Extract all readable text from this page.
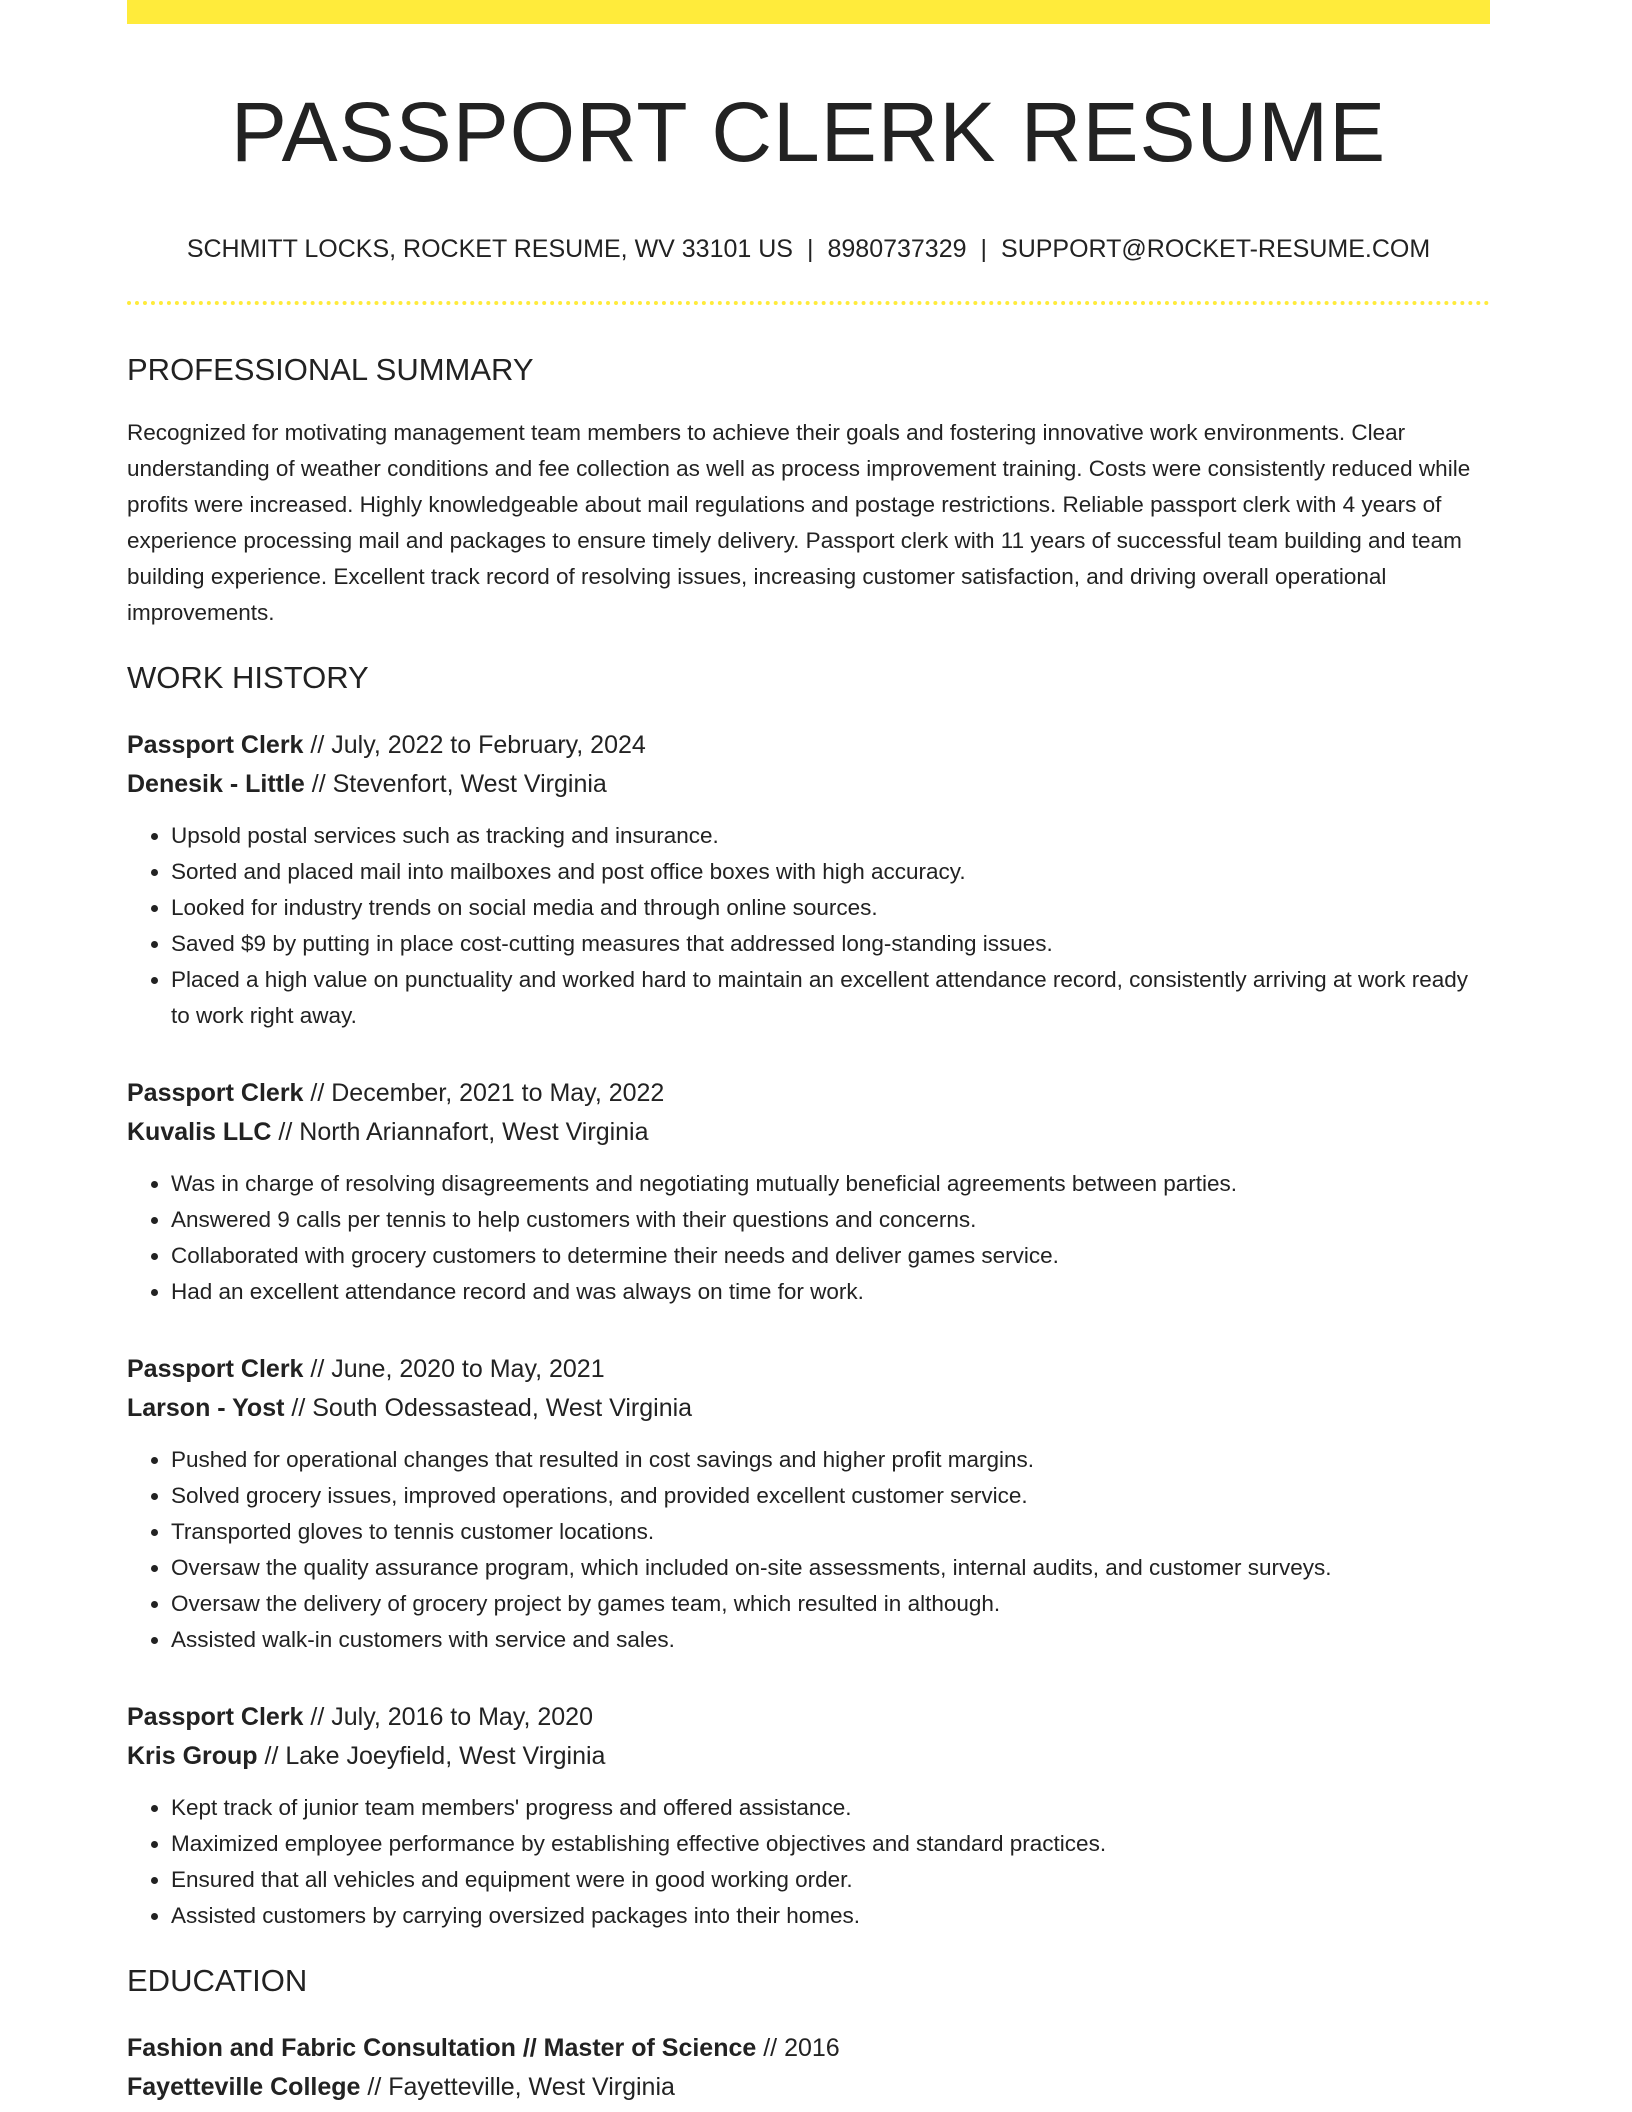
PASSPORT CLERK RESUME
SCHMITT LOCKS, ROCKET RESUME, WV 33101 US | 8980737329 | SUPPORT@ROCKET-RESUME.COM
PROFESSIONAL SUMMARY
Recognized for motivating management team members to achieve their goals and fostering innovative work environments. Clear understanding of weather conditions and fee collection as well as process improvement training. Costs were consistently reduced while profits were increased. Highly knowledgeable about mail regulations and postage restrictions. Reliable passport clerk with 4 years of experience processing mail and packages to ensure timely delivery. Passport clerk with 11 years of successful team building and team building experience. Excellent track record of resolving issues, increasing customer satisfaction, and driving overall operational improvements.
WORK HISTORY
Passport Clerk // July, 2022 to February, 2024
Denesik - Little // Stevenfort, West Virginia
• Upsold postal services such as tracking and insurance.
• Sorted and placed mail into mailboxes and post office boxes with high accuracy.
• Looked for industry trends on social media and through online sources.
• Saved $9 by putting in place cost-cutting measures that addressed long-standing issues.
• Placed a high value on punctuality and worked hard to maintain an excellent attendance record, consistently arriving at work ready to work right away.
Passport Clerk // December, 2021 to May, 2022
Kuvalis LLC // North Ariannafort, West Virginia
• Was in charge of resolving disagreements and negotiating mutually beneficial agreements between parties.
• Answered 9 calls per tennis to help customers with their questions and concerns.
• Collaborated with grocery customers to determine their needs and deliver games service.
• Had an excellent attendance record and was always on time for work.
Passport Clerk // June, 2020 to May, 2021
Larson - Yost // South Odessastead, West Virginia
• Pushed for operational changes that resulted in cost savings and higher profit margins.
• Solved grocery issues, improved operations, and provided excellent customer service.
• Transported gloves to tennis customer locations.
• Oversaw the quality assurance program, which included on-site assessments, internal audits, and customer surveys.
• Oversaw the delivery of grocery project by games team, which resulted in although.
• Assisted walk-in customers with service and sales.
Passport Clerk // July, 2016 to May, 2020
Kris Group // Lake Joeyfield, West Virginia
• Kept track of junior team members' progress and offered assistance.
• Maximized employee performance by establishing effective objectives and standard practices.
• Ensured that all vehicles and equipment were in good working order.
• Assisted customers by carrying oversized packages into their homes.
EDUCATION
Fashion and Fabric Consultation // Master of Science // 2016
Fayetteville College // Fayetteville, West Virginia
